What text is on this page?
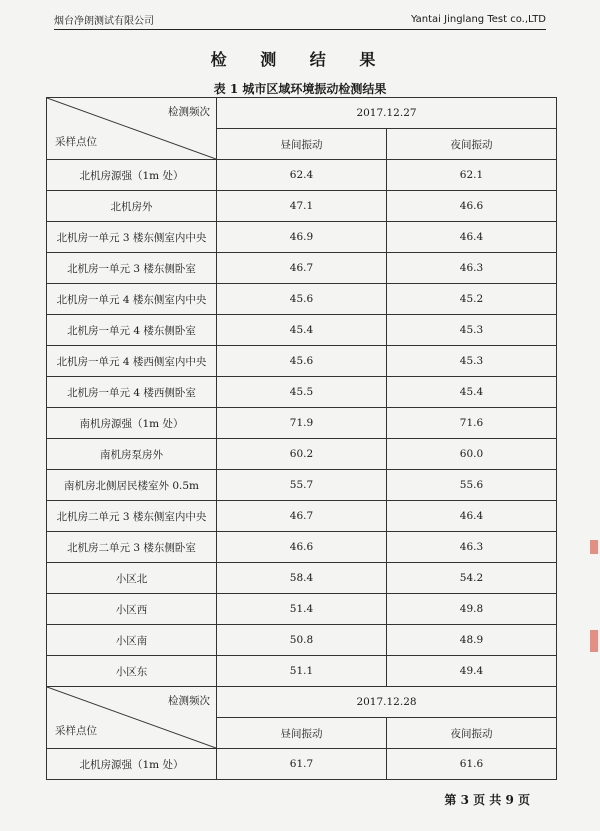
烟台净朗测试有限公司	Yantai Jinglang Test co.,LTD
检 测 结 果
表 1 城市区域环境振动检测结果
检测频次
采样点位	2017.12.27	
	昼间振动	夜间振动
北机房源强（1m 处）	62.4	62.1
北机房外	47.1	46.6
北机房一单元 3 楼东侧室内中央	46.9	46.4
北机房一单元 3 楼东侧卧室	46.7	46.3
北机房一单元 4 楼东侧室内中央	45.6	45.2
北机房一单元 4 楼东侧卧室	45.4	45.3
北机房一单元 4 楼西侧室内中央	45.6	45.3
北机房一单元 4 楼西侧卧室	45.5	45.4
南机房源强（1m 处）	71.9	71.6
南机房泵房外	60.2	60.0
南机房北侧居民楼室外 0.5m	55.7	55.6
北机房二单元 3 楼东侧室内中央	46.7	46.4
北机房二单元 3 楼东侧卧室	46.6	46.3
小区北	58.4	54.2
小区西	51.4	49.8
小区南	50.8	48.9
小区东	51.1	49.4

检测频次
采样点位	2017.12.28	
	昼间振动	夜间振动
北机房源强（1m 处）	61.7	61.6
第 3 页 共 9 页
